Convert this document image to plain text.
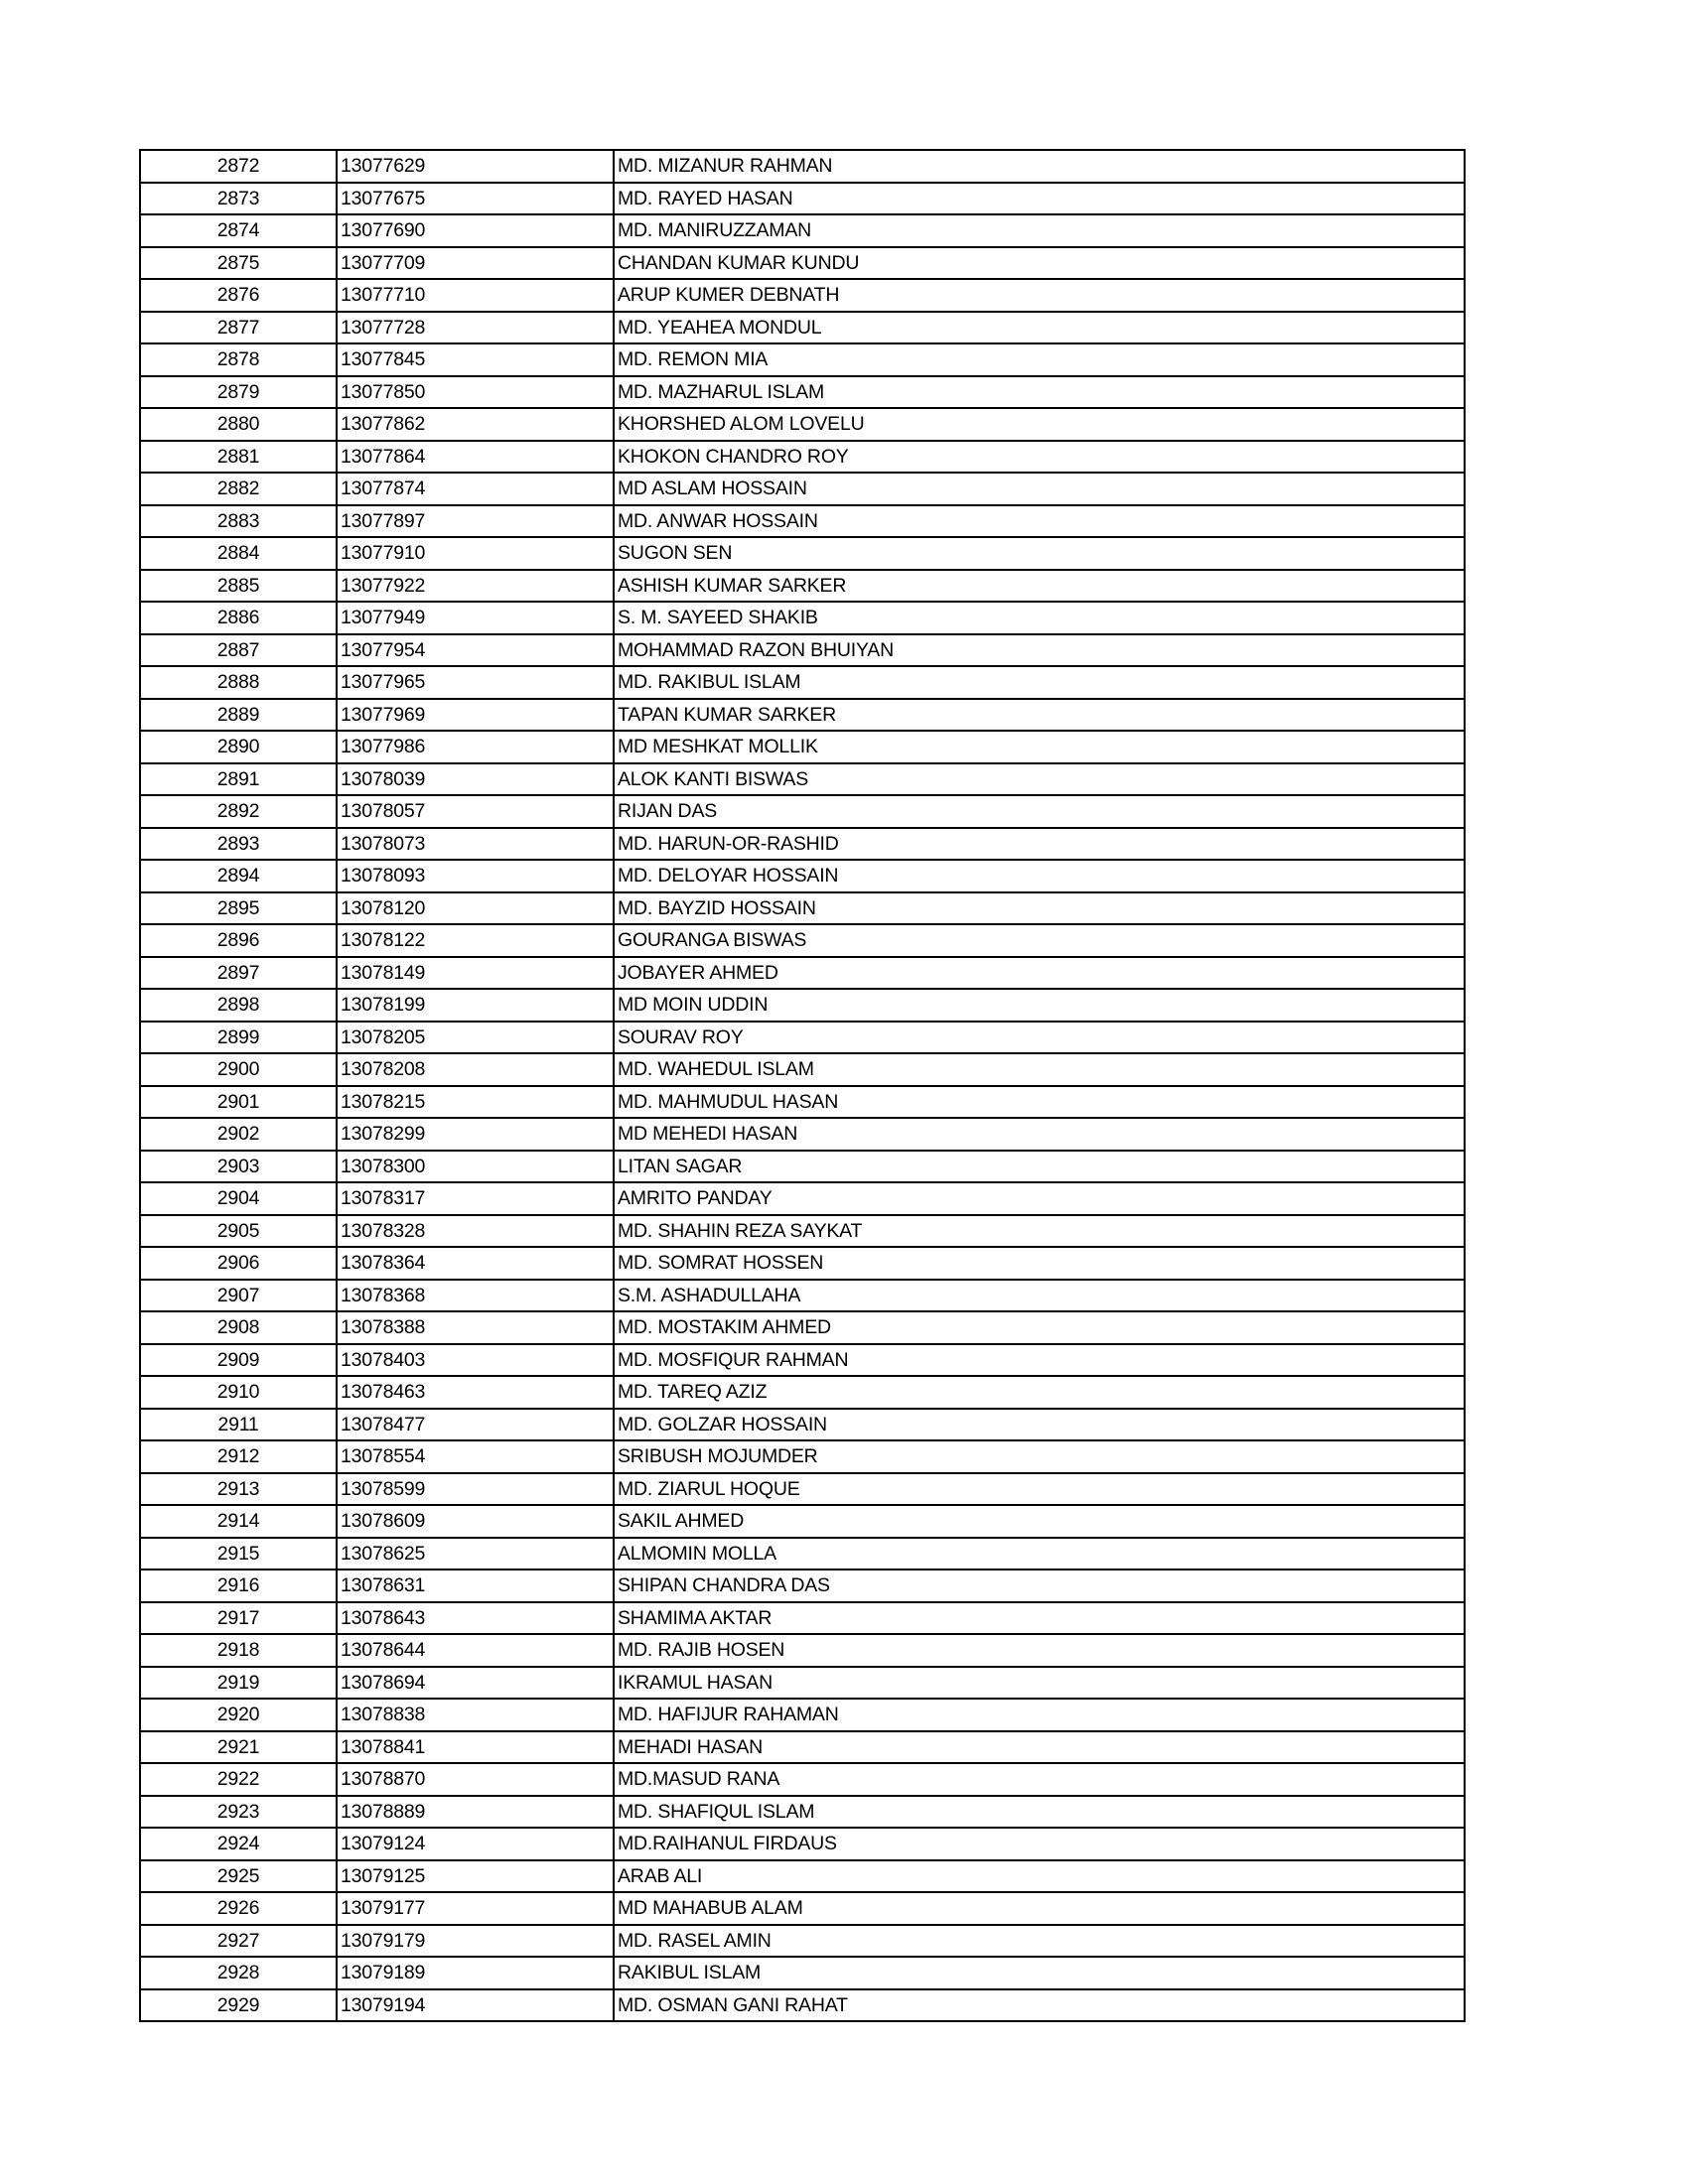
2872	13077629	MD. MIZANUR RAHMAN
2873	13077675	MD. RAYED HASAN
2874	13077690	MD. MANIRUZZAMAN
2875	13077709	CHANDAN KUMAR KUNDU
2876	13077710	ARUP KUMER DEBNATH
2877	13077728	MD. YEAHEA MONDUL
2878	13077845	MD. REMON MIA
2879	13077850	MD. MAZHARUL ISLAM
2880	13077862	KHORSHED ALOM LOVELU
2881	13077864	KHOKON CHANDRO ROY
2882	13077874	MD ASLAM HOSSAIN
2883	13077897	MD. ANWAR HOSSAIN
2884	13077910	SUGON SEN
2885	13077922	ASHISH KUMAR SARKER
2886	13077949	S. M. SAYEED SHAKIB
2887	13077954	MOHAMMAD RAZON BHUIYAN
2888	13077965	MD. RAKIBUL ISLAM
2889	13077969	TAPAN KUMAR SARKER
2890	13077986	MD MESHKAT MOLLIK
2891	13078039	ALOK KANTI BISWAS
2892	13078057	RIJAN DAS
2893	13078073	MD. HARUN-OR-RASHID
2894	13078093	MD. DELOYAR HOSSAIN
2895	13078120	MD. BAYZID HOSSAIN
2896	13078122	GOURANGA BISWAS
2897	13078149	JOBAYER AHMED
2898	13078199	MD MOIN UDDIN
2899	13078205	SOURAV ROY
2900	13078208	MD. WAHEDUL ISLAM
2901	13078215	MD. MAHMUDUL HASAN
2902	13078299	MD MEHEDI HASAN
2903	13078300	LITAN SAGAR
2904	13078317	AMRITO PANDAY
2905	13078328	MD. SHAHIN REZA SAYKAT
2906	13078364	MD. SOMRAT HOSSEN
2907	13078368	S.M. ASHADULLAHA
2908	13078388	MD. MOSTAKIM AHMED
2909	13078403	MD. MOSFIQUR RAHMAN
2910	13078463	MD. TAREQ AZIZ
2911	13078477	MD. GOLZAR HOSSAIN
2912	13078554	SRIBUSH MOJUMDER
2913	13078599	MD. ZIARUL HOQUE
2914	13078609	SAKIL AHMED
2915	13078625	ALMOMIN MOLLA
2916	13078631	SHIPAN CHANDRA DAS
2917	13078643	SHAMIMA AKTAR
2918	13078644	MD. RAJIB HOSEN
2919	13078694	IKRAMUL HASAN
2920	13078838	MD. HAFIJUR RAHAMAN
2921	13078841	MEHADI HASAN
2922	13078870	MD.MASUD RANA
2923	13078889	MD. SHAFIQUL ISLAM
2924	13079124	MD.RAIHANUL FIRDAUS
2925	13079125	ARAB ALI
2926	13079177	MD MAHABUB ALAM
2927	13079179	MD. RASEL AMIN
2928	13079189	RAKIBUL ISLAM
2929	13079194	MD. OSMAN GANI RAHAT
